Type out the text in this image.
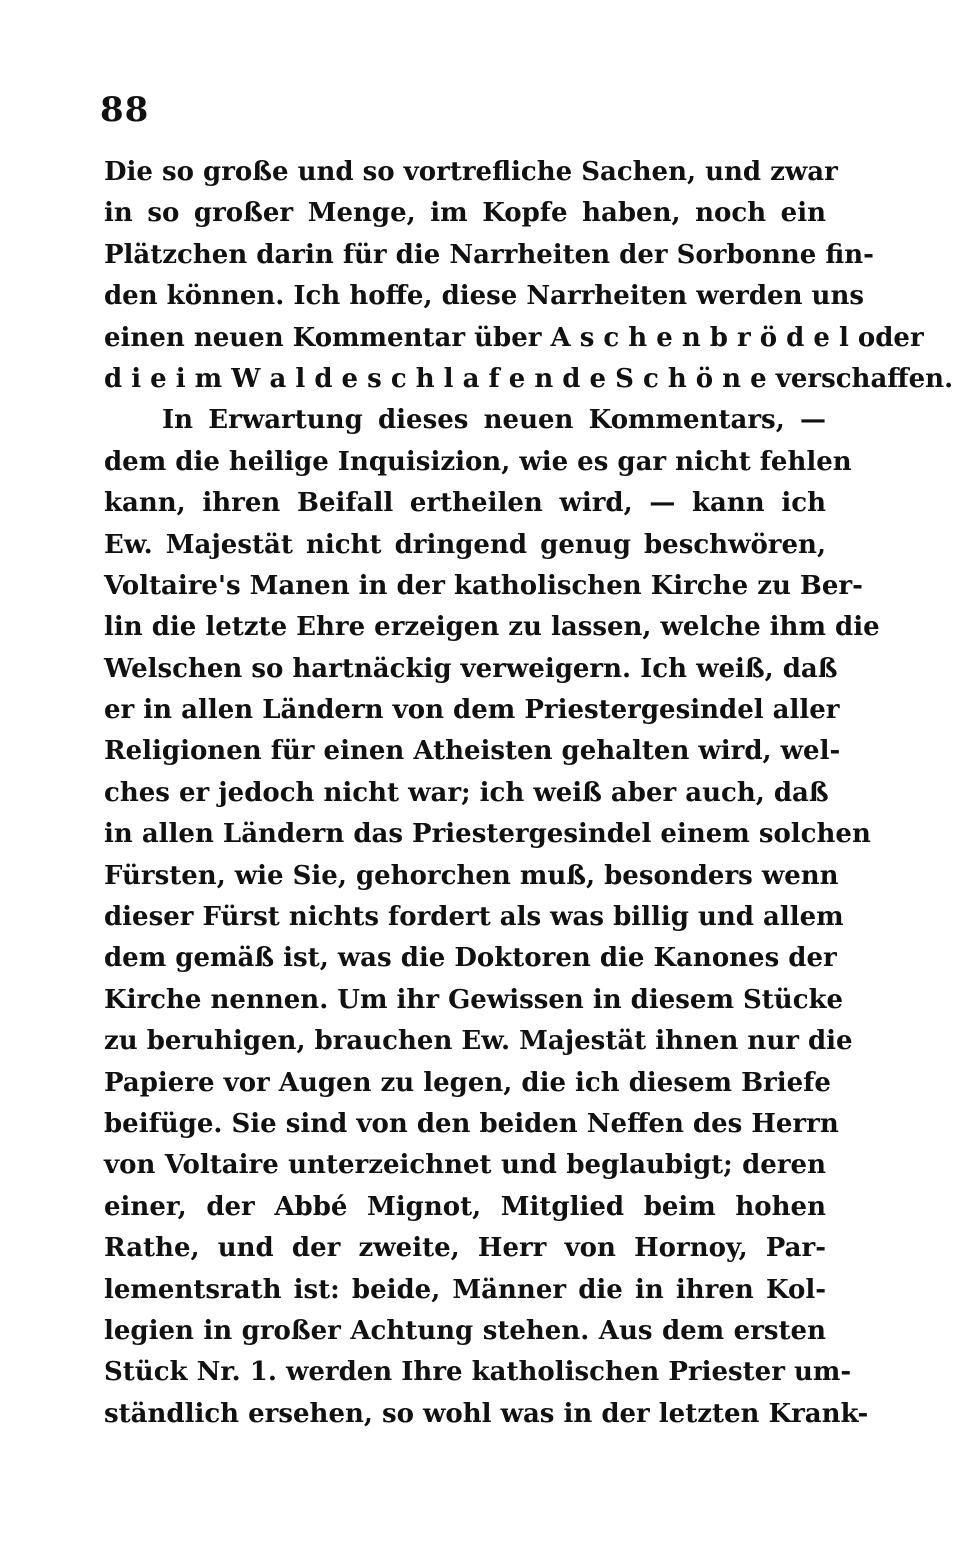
88
Die so große und so vortrefliche Sachen, und zwar
in so großer Menge, im Kopfe haben, noch ein
Plätzchen darin für die Narrheiten der Sorbonne fin-
den können. Ich hoffe, diese Narrheiten werden uns
einen neuen Kommentar über A s c h e n b r ö d e l oder
d i e i m W a l d e s c h l a f e n d e S c h ö n e verschaffen.
In Erwartung dieses neuen Kommentars, —
dem die heilige Inquisizion, wie es gar nicht fehlen
kann, ihren Beifall ertheilen wird, — kann ich
Ew. Majestät nicht dringend genug beschwören,
Voltaire's Manen in der katholischen Kirche zu Ber-
lin die letzte Ehre erzeigen zu lassen, welche ihm die
Welschen so hartnäckig verweigern. Ich weiß, daß
er in allen Ländern von dem Priestergesindel aller
Religionen für einen Atheisten gehalten wird, wel-
ches er jedoch nicht war; ich weiß aber auch, daß
in allen Ländern das Priestergesindel einem solchen
Fürsten, wie Sie, gehorchen muß, besonders wenn
dieser Fürst nichts fordert als was billig und allem
dem gemäß ist, was die Doktoren die Kanones der
Kirche nennen. Um ihr Gewissen in diesem Stücke
zu beruhigen, brauchen Ew. Majestät ihnen nur die
Papiere vor Augen zu legen, die ich diesem Briefe
beifüge. Sie sind von den beiden Neffen des Herrn
von Voltaire unterzeichnet und beglaubigt; deren
einer, der Abbé Mignot, Mitglied beim hohen
Rathe, und der zweite, Herr von Hornoy, Par-
lementsrath ist: beide, Männer die in ihren Kol-
legien in großer Achtung stehen. Aus dem ersten
Stück Nr. 1. werden Ihre katholischen Priester um-
ständlich ersehen, so wohl was in der letzten Krank-
